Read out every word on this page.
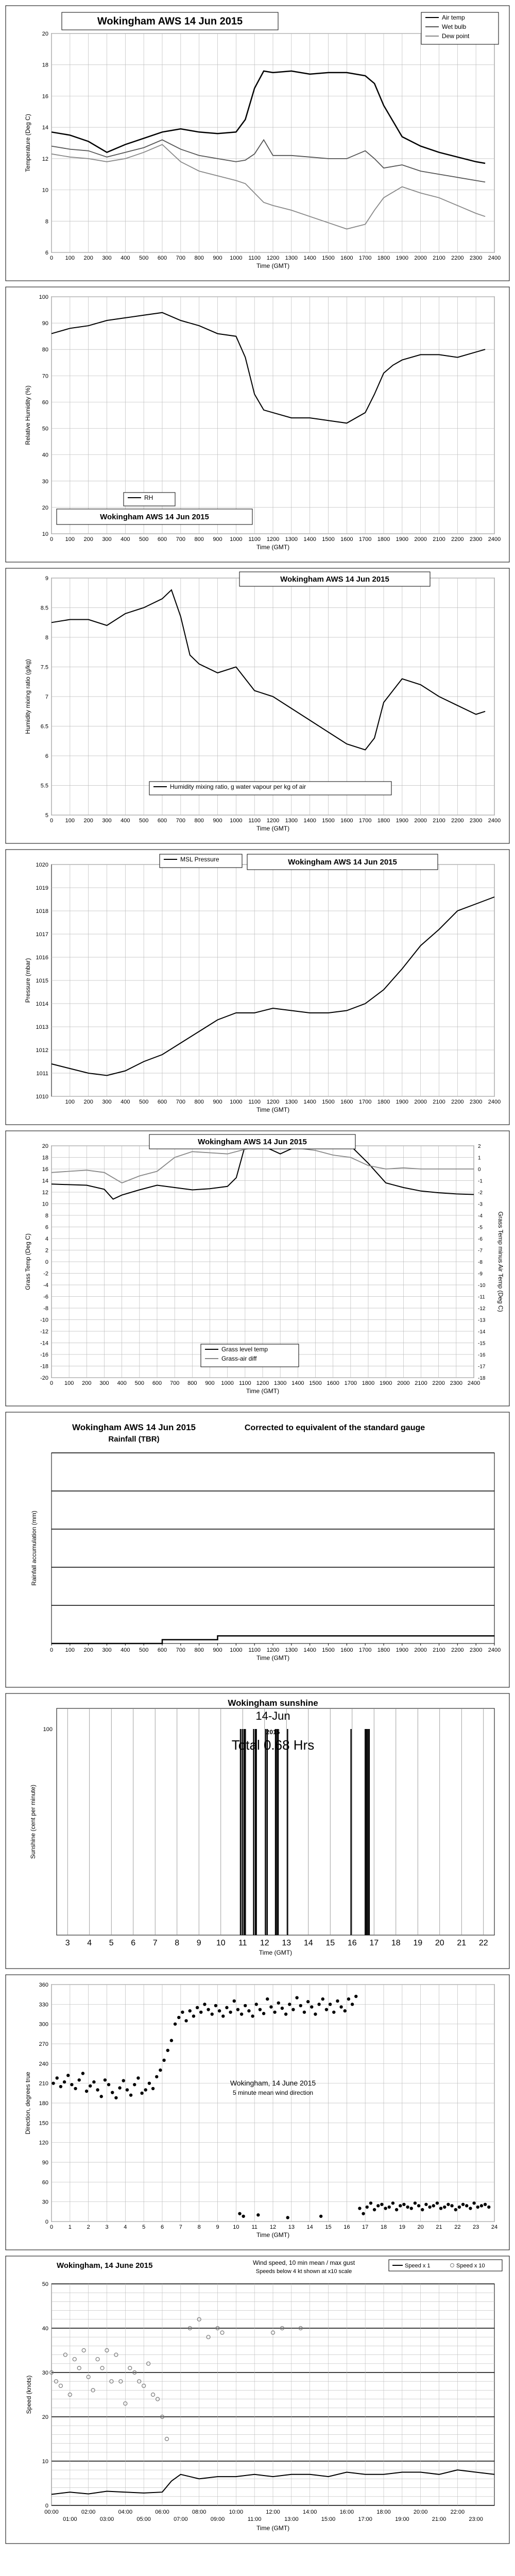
0 100 200 300 400 500 600 700 800 900 1000 1100 1200 1300 1400 1500 1600 1700 1800 1900 2000 2100 2200 2300 2400
6
8
10
12
14
16
18
20
Time (GMT)
Temperature (Deg C)
Wokingham AWS 14 Jun 2015	Air temp
Wet bulb
Dew point
0 100 200 300 400 500 600 700 800 900 1000 1100 1200 1300 1400 1500 1600 1700 1800 1900 2000 2100 2200 2300 2400
10
20
30
40
50
60
70
80
90
100
Time (GMT)
Relative Humidity (%)
RH
Wokingham AWS 14 Jun 2015
0 100 200 300 400 500 600 700 800 900 1000 1100 1200 1300 1400 1500 1600 1700 1800 1900 2000 2100 2200 2300 2400
5
5.5
6
6.5
7
7.5
8
8.5
9
Time (GMT)
Humidity mixing ratio (g/kg)
Wokingham AWS 14 Jun 2015
Humidity mixing ratio, g water vapour per kg of air
100 200 300 400 500 600 700 800 900 1000 1100 1200 1300 1400 1500 1600 1700 1800 1900 2000 2100 2200 2300 2400
1010
1011
1012
1013
1014
1015
1016
1017
1018
1019
1020
Time (GMT)
Pressure (mbar)
MSL Pressure	Wokingham AWS 14 Jun 2015
0 100 200 300 400 500 600 700 800 900 1000 1100 1200 1300 1400 1500 1600 1700 1800 1900 2000 2100 2200 2300 2400
-20
-18
-16
-14
-12
-10
-8
-6
-4
-2
0
2
4
6
8
10
12
14
16
18
20
Time (GMT)
Grass Temp (Deg C)
-18
-17
-16
-15
-14
-13
-12
-11
-10
-9
-8
-7
-6
-5
-4
-3
-2
-1
0
1
2
Grass Temp minus Air Temp (Deg C)
Wokingham AWS 14 Jun 2015
Grass level temp
Grass-air diff
0 100 200 300 400 500 600 700 800 900 1000 1100 1200 1300 1400 1500 1600 1700 1800 1900 2000 2100 2200 2300 2400
Time (GMT)
Rainfall accumulation (mm)
Wokingham AWS 14 Jun 2015
Rainfall (TBR)
Corrected to equivalent of the standard gauge
3 4 5 6 7 8 9 10 11 12 13 14 15 16 17 18 19 20 21 22
100
Time (GMT)
Sunshine (cent per minute)
Wokingham sunshine
14-Jun
2015
Total 0.68 Hrs
0	1	2	3	4	5	6	7	8	9 10 11 12 13 14 15 16 17 18 19 20 21 22 23 24
0
30
60
90
120
150
180
210
240
270
300
330
360
Time (GMT)
Direction, degrees true	Wokingham, 14 June 2015
5 minute mean wind direction
0
10
20
30
40
50
00:00
01:00
02:00
03:00
04:00
05:00
06:00
07:00
08:00
09:00
10:00
11:00
12:00
13:00
14:00
15:00
16:00
17:00
18:00
19:00
20:00
21:00
22:00
23:00
Time (GMT)
Speed (knots)
Wokingham, 14 June 2015	Wind speed, 10 min mean / max gust
Speeds below 4 kt shown at x10 scale
Speed x 1	Speed x 10
